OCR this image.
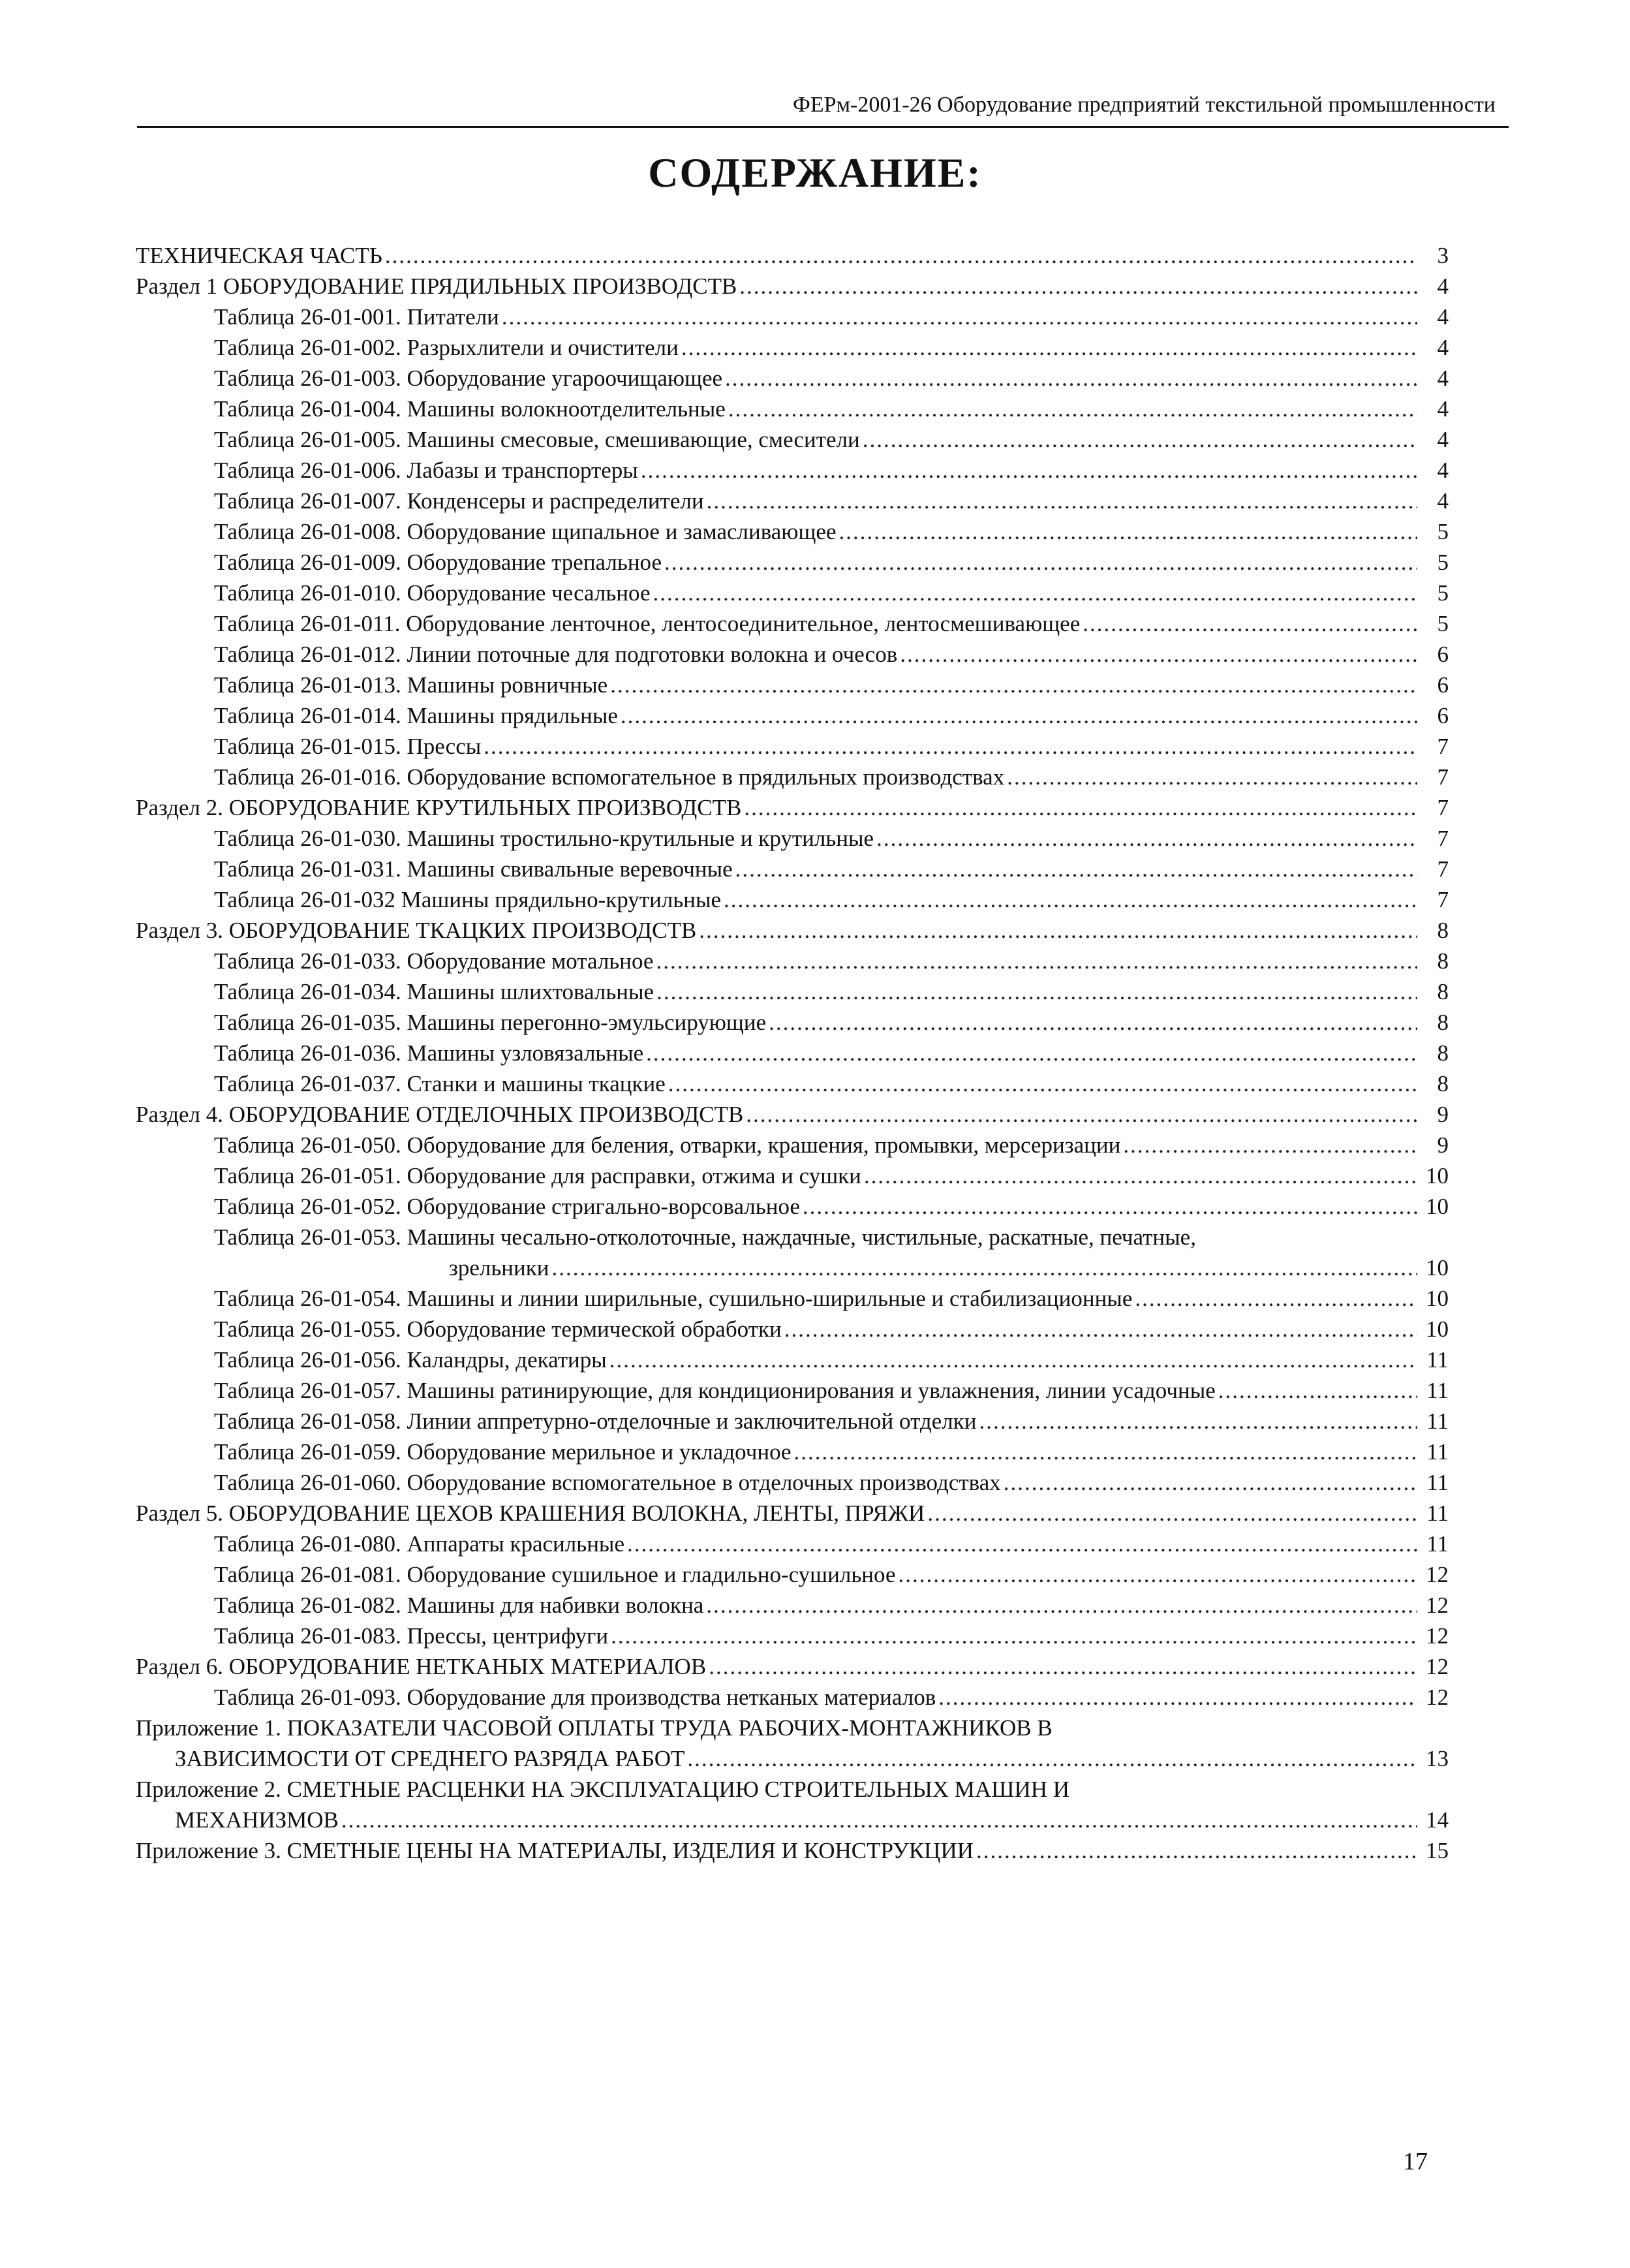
ФЕРм-2001-26 Оборудование предприятий текстильной промышленности
СОДЕРЖАНИЕ:
ТЕХНИЧЕСКАЯ ЧАСТЬ .....	3
Раздел 1 ОБОРУДОВАНИЕ ПРЯДИЛЬНЫХ ПРОИЗВОДСТВ .....	4
Таблица 26-01-001. Питатели .....	4
Таблица 26-01-002. Разрыхлители и очистители .....	4
Таблица 26-01-003. Оборудование угароочищающее .....	4
Таблица 26-01-004. Машины волокноотделительные .....	4
Таблица 26-01-005. Машины смесовые, смешивающие, смесители .....	4
Таблица 26-01-006. Лабазы и транспортеры .....	4
Таблица 26-01-007. Конденсеры и распределители .....	4
Таблица 26-01-008. Оборудование щипальное и замасливающее .....	5
Таблица 26-01-009. Оборудование трепальное .....	5
Таблица 26-01-010. Оборудование чесальное .....	5
Таблица 26-01-011. Оборудование ленточное, лентосоединительное, лентосмешивающее .....	5
Таблица 26-01-012. Линии поточные для подготовки волокна и очесов .....	6
Таблица 26-01-013. Машины ровничные .....	6
Таблица 26-01-014. Машины прядильные .....	6
Таблица 26-01-015. Прессы .....	7
Таблица 26-01-016. Оборудование вспомогательное в прядильных производствах .....	7
Раздел 2. ОБОРУДОВАНИЕ КРУТИЛЬНЫХ ПРОИЗВОДСТВ .....	7
Таблица 26-01-030. Машины тростильно-крутильные и крутильные .....	7
Таблица 26-01-031. Машины свивальные веревочные .....	7
Таблица 26-01-032 Машины прядильно-крутильные .....	7
Раздел 3. ОБОРУДОВАНИЕ ТКАЦКИХ ПРОИЗВОДСТВ .....	8
Таблица 26-01-033. Оборудование мотальное .....	8
Таблица 26-01-034. Машины шлихтовальные .....	8
Таблица 26-01-035. Машины перегонно-эмульсирующие .....	8
Таблица 26-01-036. Машины узловязальные .....	8
Таблица 26-01-037. Станки и машины ткацкие .....	8
Раздел 4. ОБОРУДОВАНИЕ ОТДЕЛОЧНЫХ ПРОИЗВОДСТВ .....	9
Таблица 26-01-050. Оборудование для беления, отварки, крашения, промывки, мерсеризации .....	9
Таблица 26-01-051. Оборудование для расправки, отжима и сушки .....	10
Таблица 26-01-052. Оборудование стригально-ворсовальное .....	10
Таблица 26-01-053. Машины чесально-отколоточные, наждачные, чистильные, раскатные, печатные,
зрельники .....	10
Таблица 26-01-054. Машины и линии ширильные, сушильно-ширильные и стабилизационные .....	10
Таблица 26-01-055. Оборудование термической обработки .....	10
Таблица 26-01-056. Каландры, декатиры .....	11
Таблица 26-01-057. Машины ратинирующие, для кондиционирования и увлажнения, линии усадочные .....	11
Таблица 26-01-058. Линии аппретурно-отделочные и заключительной отделки .....	11
Таблица 26-01-059. Оборудование мерильное и укладочное .....	11
Таблица 26-01-060. Оборудование вспомогательное в отделочных производствах .....	11
Раздел 5. ОБОРУДОВАНИЕ ЦЕХОВ КРАШЕНИЯ ВОЛОКНА, ЛЕНТЫ, ПРЯЖИ .....	11
Таблица 26-01-080. Аппараты красильные .....	11
Таблица 26-01-081. Оборудование сушильное и гладильно-сушильное .....	12
Таблица 26-01-082. Машины для набивки волокна .....	12
Таблица 26-01-083. Прессы, центрифуги .....	12
Раздел 6. ОБОРУДОВАНИЕ НЕТКАНЫХ МАТЕРИАЛОВ .....	12
Таблица 26-01-093. Оборудование для производства нетканых материалов .....	12
Приложение 1. ПОКАЗАТЕЛИ ЧАСОВОЙ ОПЛАТЫ ТРУДА РАБОЧИХ-МОНТАЖНИКОВ В
ЗАВИСИМОСТИ ОТ СРЕДНЕГО РАЗРЯДА РАБОТ .....	13
Приложение 2. СМЕТНЫЕ РАСЦЕНКИ НА ЭКСПЛУАТАЦИЮ СТРОИТЕЛЬНЫХ МАШИН И
МЕХАНИЗМОВ .....	14
Приложение 3. СМЕТНЫЕ ЦЕНЫ НА МАТЕРИАЛЫ, ИЗДЕЛИЯ И КОНСТРУКЦИИ .....	15
17
